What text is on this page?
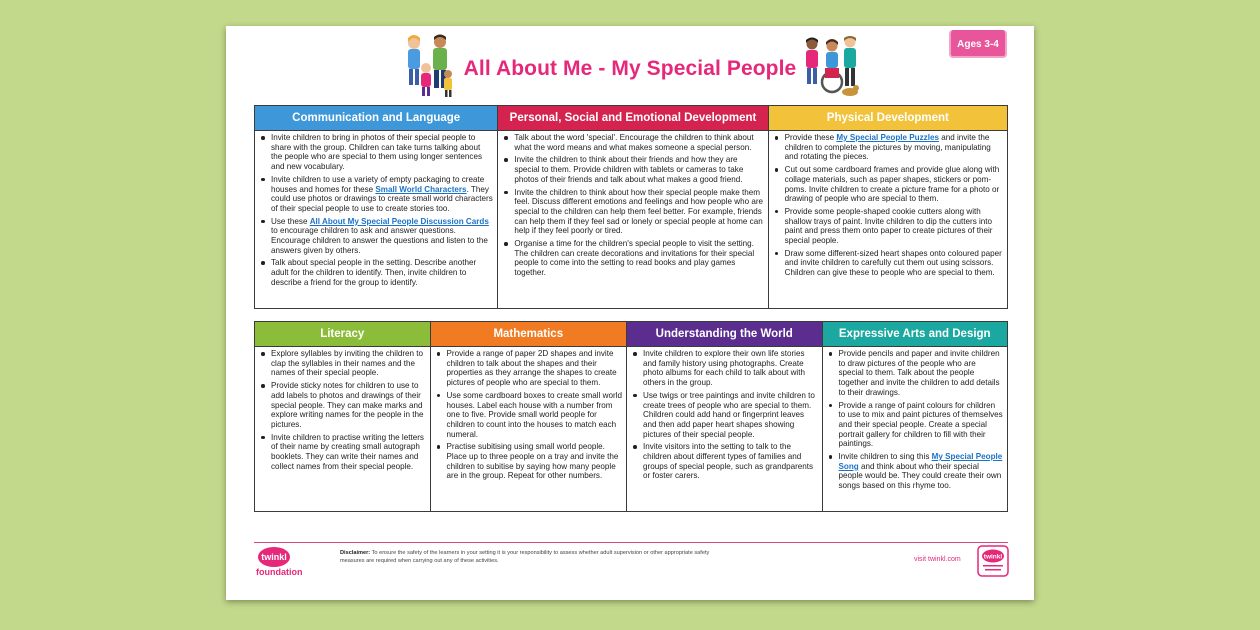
All About Me - My Special People
Ages 3-4
Communication and Language
Invite children to bring in photos of their special people to share with the group. Children can take turns talking about the people who are special to them using longer sentences and new vocabulary.
Invite children to use a variety of empty packaging to create houses and homes for these Small World Characters. They could use photos or drawings to create small world characters of their special people to use to create stories too.
Use these All About My Special People Discussion Cards to encourage children to ask and answer questions. Encourage children to answer the questions and listen to the answers given by others.
Talk about special people in the setting. Describe another adult for the children to identify. Then, invite children to describe a friend for the group to identify.
Personal, Social and Emotional Development
Talk about the word 'special'. Encourage the children to think about what the word means and what makes someone a special person.
Invite the children to think about their friends and how they are special to them. Provide children with tablets or cameras to take photos of their friends and talk about what makes a good friend.
Invite the children to think about how their special people make them feel. Discuss different emotions and feelings and how people who are special to the children can help them feel better. For example, friends can help them if they feel sad or lonely or special people at home can help if they feel poorly or tired.
Organise a time for the children's special people to visit the setting. The children can create decorations and invitations for their special people to come into the setting to read books and play games together.
Physical Development
Provide these My Special People Puzzles and invite the children to complete the pictures by moving, manipulating and rotating the pieces.
Cut out some cardboard frames and provide glue along with collage materials, such as paper shapes, stickers or pom-poms. Invite children to create a picture frame for a photo or drawing of people who are special to them.
Provide some people-shaped cookie cutters along with shallow trays of paint. Invite children to dip the cutters into paint and press them onto paper to create pictures of their special people.
Draw some different-sized heart shapes onto coloured paper and invite children to carefully cut them out using scissors. Children can give these to people who are special to them.
Literacy
Explore syllables by inviting the children to clap the syllables in their names and the names of their special people.
Provide sticky notes for children to use to add labels to photos and drawings of their special people. They can make marks and explore writing names for the people in the pictures.
Invite children to practise writing the letters of their name by creating small autograph booklets. They can write their names and collect names from their special people.
Mathematics
Provide a range of paper 2D shapes and invite children to talk about the shapes and their properties as they arrange the shapes to create pictures of people who are special to them.
Use some cardboard boxes to create small world houses. Label each house with a number from one to five. Provide small world people for children to count into the houses to match each numeral.
Practise subitising using small world people. Place up to three people on a tray and invite the children to subitise by saying how many people are in the group. Repeat for other numbers.
Understanding the World
Invite children to explore their own life stories and family history using photographs. Create photo albums for each child to talk about with others in the group.
Use twigs or tree paintings and invite children to create trees of people who are special to them. Children could add hand or fingerprint leaves and then add paper heart shapes showing pictures of their special people.
Invite visitors into the setting to talk to the children about different types of families and groups of special people, such as grandparents or foster carers.
Expressive Arts and Design
Provide pencils and paper and invite children to draw pictures of the people who are special to them. Talk about the people together and invite the children to add details to their drawings.
Provide a range of paint colours for children to use to mix and paint pictures of themselves and their special people. Create a special portrait gallery for children to fill with their paintings.
Invite children to sing this My Special People Song and think about who their special people would be. They could create their own songs based on this rhyme too.
twinkl
foundation
Disclaimer: To ensure the safety of the learners in your setting it is your responsibility to assess whether adult supervision or other appropriate safety measures are required when carrying out any of these activities.	visit twinkl.com	twinkl
